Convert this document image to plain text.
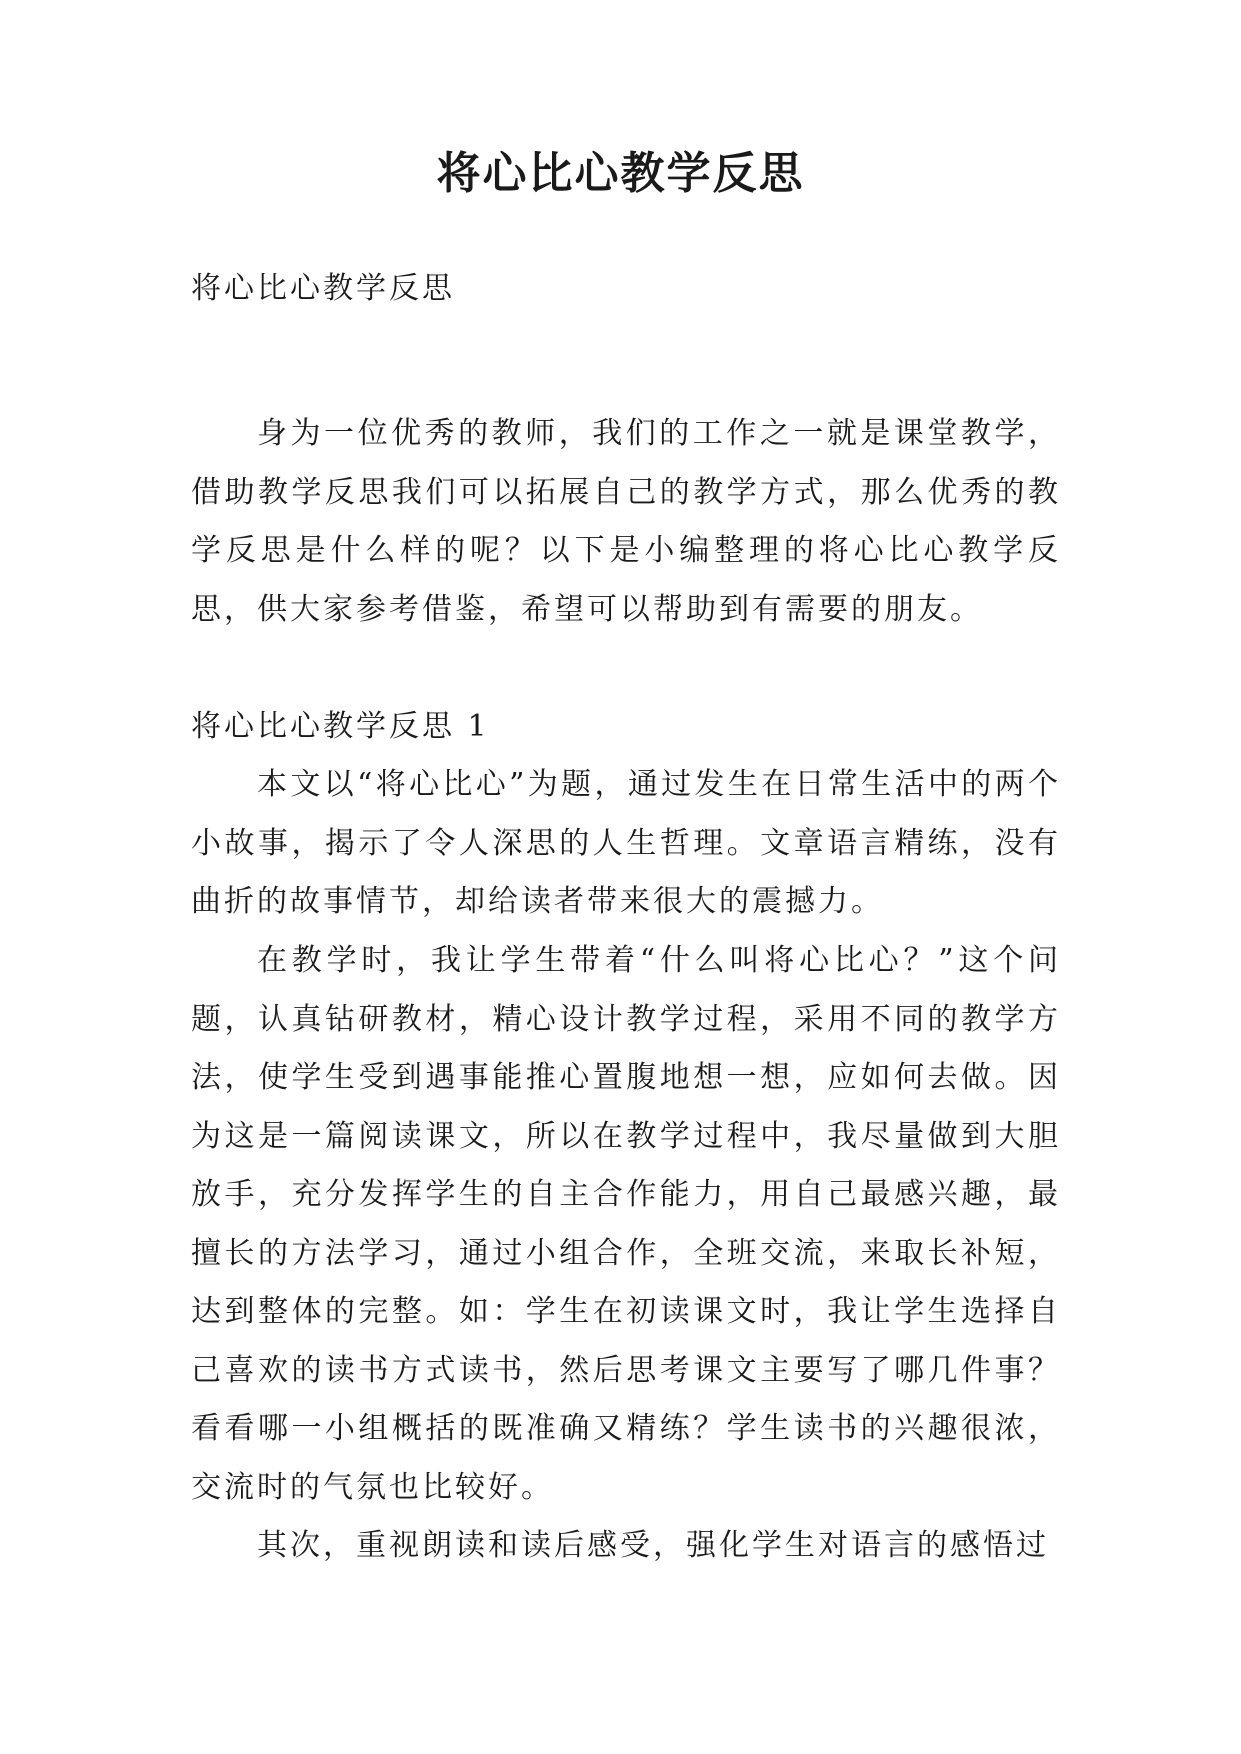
将心比心教学反思

将心比心教学反思

身为一位优秀的教师，我们的工作之一就是课堂教学，借助教学反思我们可以拓展自己的教学方式，那么优秀的教学反思是什么样的呢？以下是小编整理的将心比心教学反思，供大家参考借鉴，希望可以帮助到有需要的朋友。

将心比心教学反思 1

本文以“将心比心”为题，通过发生在日常生活中的两个小故事，揭示了令人深思的人生哲理。文章语言精练，没有曲折的故事情节，却给读者带来很大的震撼力。

在教学时，我让学生带着“什么叫将心比心？”这个问题，认真钻研教材，精心设计教学过程，采用不同的教学方法，使学生受到遇事能推心置腹地想一想，应如何去做。因为这是一篇阅读课文，所以在教学过程中，我尽量做到大胆放手，充分发挥学生的自主合作能力，用自己最感兴趣，最擅长的方法学习，通过小组合作，全班交流，来取长补短，达到整体的完整。如：学生在初读课文时，我让学生选择自己喜欢的读书方式读书，然后思考课文主要写了哪几件事？看看哪一小组概括的既准确又精练？学生读书的兴趣很浓，交流时的气氛也比较好。

其次，重视朗读和读后感受，强化学生对语言的感悟过
